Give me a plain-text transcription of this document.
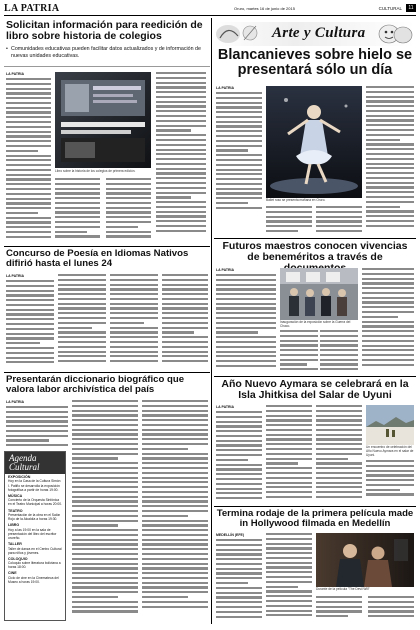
LA PATRIA	Oruro, martes 16 de junio de 2015	CULTURAL	11
Solicitan información para reedición de libro sobre historia de colegios
• Comunidades educativas pueden facilitar datos actualizados y de información de nuevas unidades educativas.
LA PATRIA
Libro sobre la historia de los colegios de primera edición.
Concurso de Poesía en Idiomas Nativos difirió hasta el lunes 24
LA PATRIA
Presentarán diccionario biográfico que valora labor archivística del país
LA PATRIA
Agenda Cultural
EXPOSICIÓN
Hoy en la Casa de la Cultura Simón I. Patiño se desarrolla la exposición fotográfica a partir de horas 19:00.
MÚSICA
Concierto de la Orquesta Sinfónica en el Teatro Municipal a horas 20:00.
TEATRO
Presentación de la obra en el Salón Rojo de la Alcaldía a horas 19:30.
LIBRO
Hoy a las 19:00 en la sala de presentación del libro del escritor orureño.
TALLER
Taller de danza en el Centro Cultural para niños y jóvenes.
COLOQUIO
Coloquio sobre literatura boliviana a horas 18:00.
CINE
Ciclo de cine en la Cinemateca del Museo a horas 19:00.
Arte y Cultura
Blancanieves sobre hielo se presentará sólo un día
LA PATRIA
Ballet ruso se presenta mañana en Oruro.
Futuros maestros conocen vivencias de beneméritos a través de
LA PATRIA
Inauguración de la exposición sobre la Guerra del Chaco.
Año Nuevo Aymara se celebrará en la Isla Jhitkisa del Salar de Uyuni
LA PATRIA
Un encuentro de celebración del Año Nuevo Aymara en el salar de Uyuni.
Termina rodaje de la primera película made in Hollywood filmada en Medellín
MEDELLÍN (EFE)
Durante de la película "The Devil Will"
